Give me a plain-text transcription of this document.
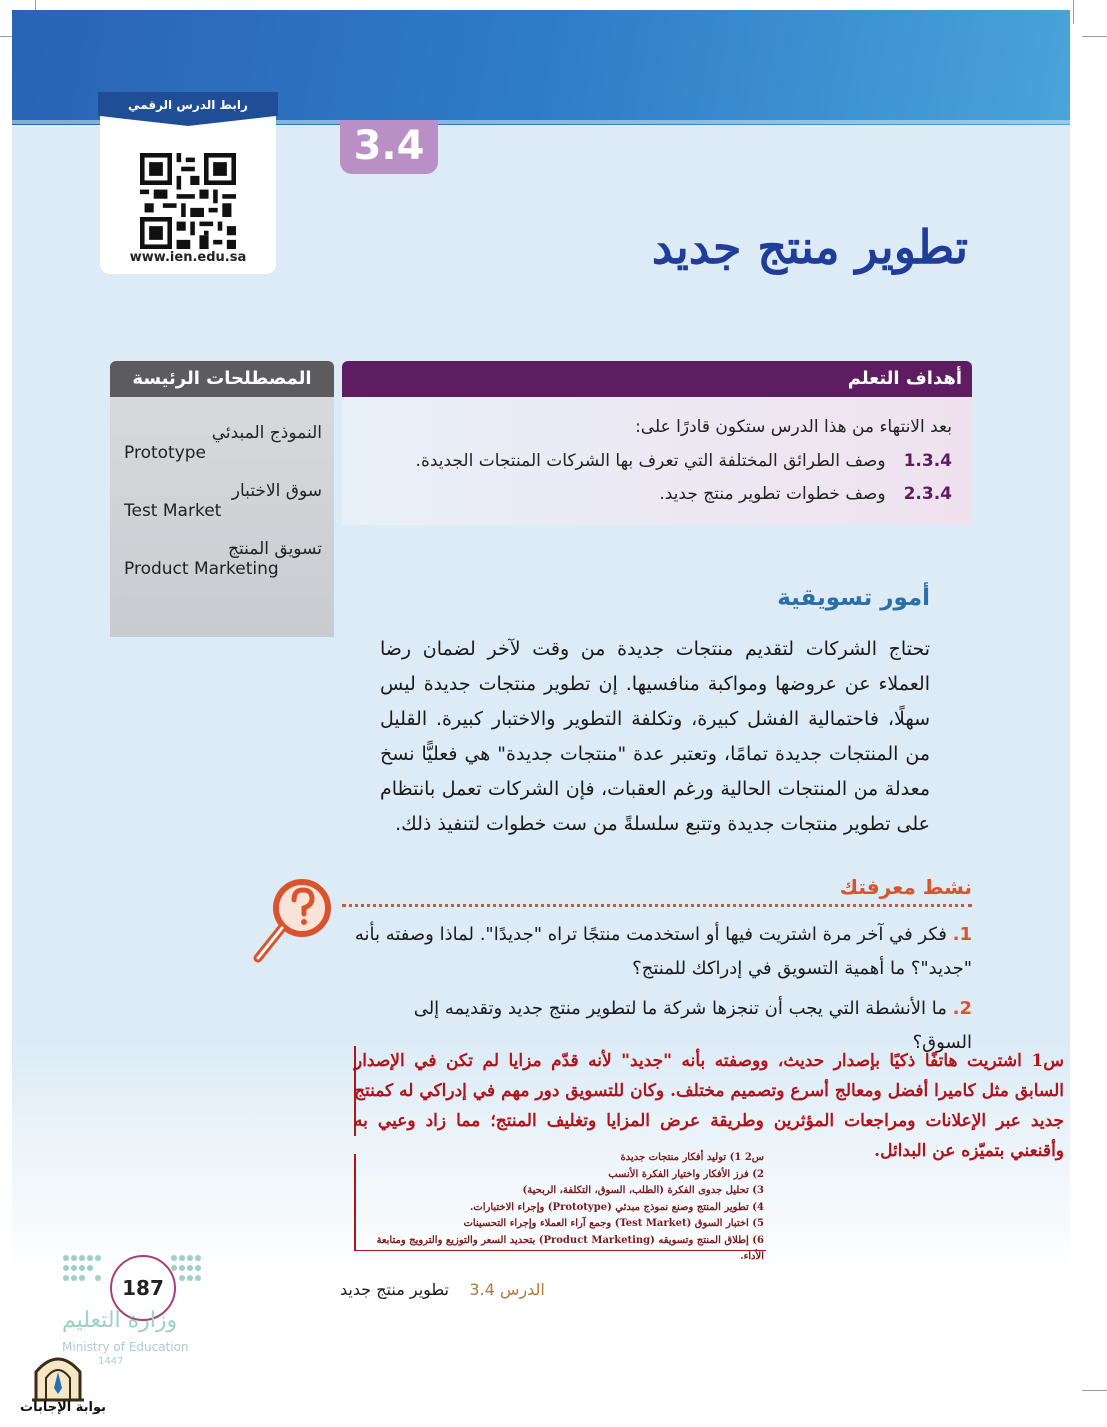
رابط الدرس الرقمي
www.ien.edu.sa
3.4
تطوير منتج جديد
المصطلحات الرئيسة
النموذج المبدئي
Prototype
سوق الاختبار
Test Market
تسويق المنتج
Product Marketing
أهداف التعلم
بعد الانتهاء من هذا الدرس ستكون قادرًا على:
1.3.4وصف الطرائق المختلفة التي تعرف بها الشركات المنتجات الجديدة.
2.3.4وصف خطوات تطوير منتج جديد.
أمور تسويقية
تحتاج الشركات لتقديم منتجات جديدة من وقت لآخر لضمان رضا العملاء عن عروضها ومواكبة منافسيها. إن تطوير منتجات جديدة ليس سهلًا، فاحتمالية الفشل كبيرة، وتكلفة التطوير والاختبار كبيرة. القليل من المنتجات جديدة تمامًا، وتعتبر عدة "منتجات جديدة" هي فعليًّا نسخ معدلة من المنتجات الحالية ورغم العقبات، فإن الشركات تعمل بانتظام على تطوير منتجات جديدة وتتبع سلسلةً من ست خطوات لتنفيذ ذلك.
نشط معرفتك
1. فكر في آخر مرة اشتريت فيها أو استخدمت منتجًا تراه "جديدًا". لماذا وصفته بأنه "جديد"؟ ما أهمية التسويق في إدراكك للمنتج؟
2. ما الأنشطة التي يجب أن تنجزها شركة ما لتطوير منتج جديد وتقديمه إلى السوق؟
س1 اشتريت هاتفًا ذكيًا بإصدار حديث، ووصفته بأنه "جديد" لأنه قدّم مزايا لم تكن في الإصدار السابق مثل كاميرا أفضل ومعالج أسرع وتصميم مختلف. وكان للتسويق دور مهم في إدراكي له كمنتج جديد عبر الإعلانات ومراجعات المؤثرين وطريقة عرض المزايا وتغليف المنتج؛ مما زاد وعيي به وأقنعني بتميّزه عن البدائل.
س2 1) توليد أفكار منتجات جديدة
2) فرز الأفكار واختيار الفكرة الأنسب
3) تحليل جدوى الفكرة (الطلب، السوق، التكلفة، الربحية)
4) تطوير المنتج وصنع نموذج مبدئي (Prototype) وإجراء الاختبارات.
5) اختبار السوق (Test Market) وجمع آراء العملاء وإجراء التحسينات
6) إطلاق المنتج وتسويقه (Product Marketing) بتحديد السعر والتوزيع والترويج ومتابعة الأداء.
الدرس 3.4    تطوير منتج جديد
187
وزارة التعليم
Ministry of Education
1447
بوابة الإجابات
